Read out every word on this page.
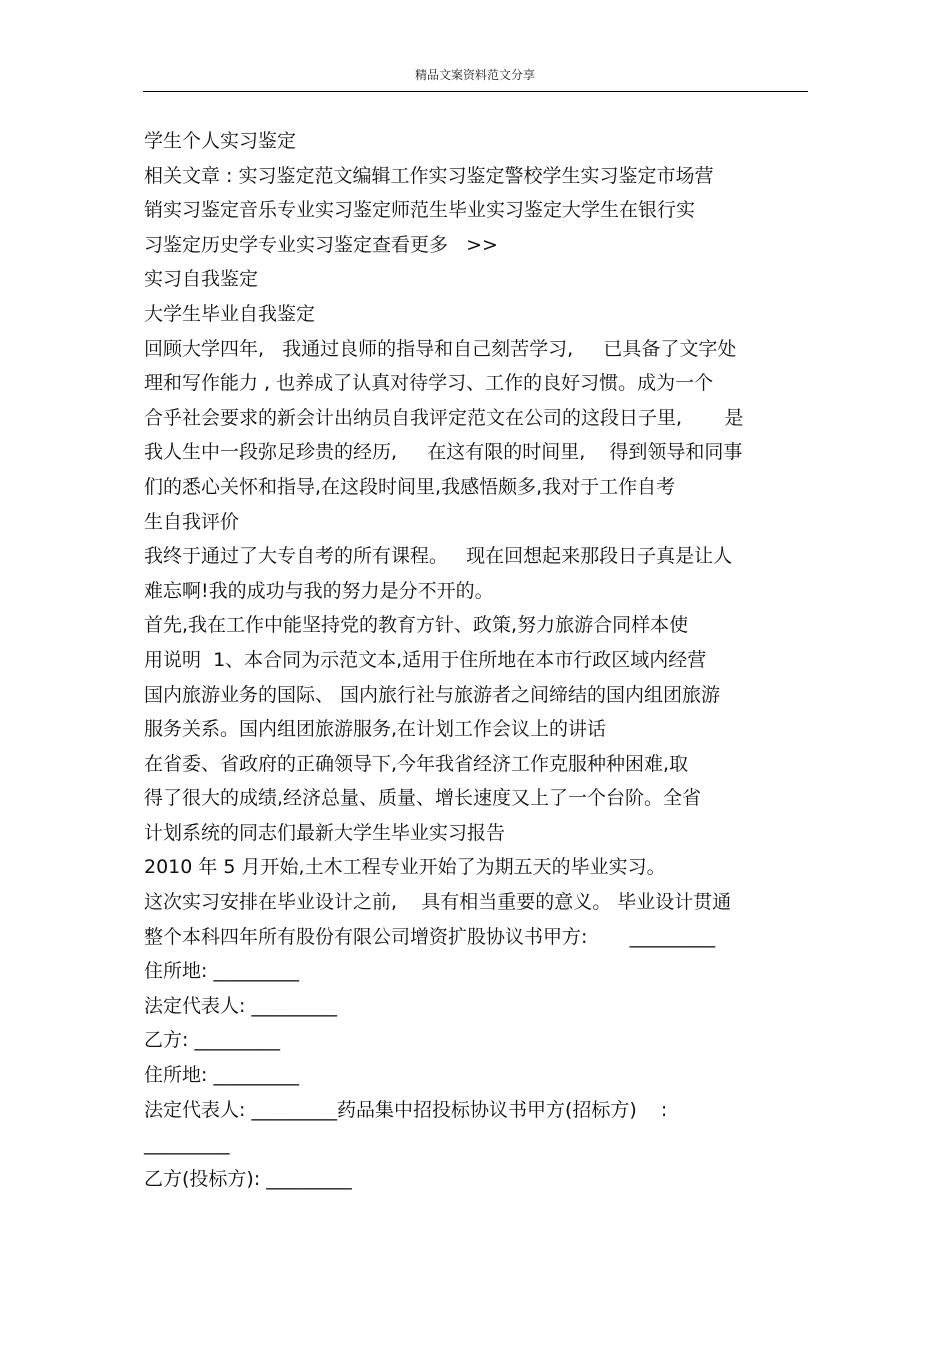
精品文案资料范文分享
学生个人实习鉴定
相关文章 : 实习鉴定范文编辑工作实习鉴定警校学生实习鉴定市场营
销实习鉴定音乐专业实习鉴定师范生毕业实习鉴定大学生在银行实
习鉴定历史学专业实习鉴定查看更多   >>
实习自我鉴定
大学生毕业自我鉴定
回顾大学四年,   我通过良师的指导和自己刻苦学习,     已具备了文字处
理和写作能力 , 也养成了认真对待学习、工作的良好习惯。成为一个
合乎社会要求的新会计出纳员自我评定范文在公司的这段日子里,       是
我人生中一段弥足珍贵的经历,     在这有限的时间里,    得到领导和同事
们的悉心关怀和指导,在这段时间里,我感悟颇多,我对于工作自考
生自我评价
我终于通过了大专自考的所有课程。   现在回想起来那段日子真是让人
难忘啊!我的成功与我的努力是分不开的。
首先,我在工作中能坚持党的教育方针、政策,努力旅游合同样本使
用说明  1、本合同为示范文本,适用于住所地在本市行政区域内经营
国内旅游业务的国际、 国内旅行社与旅游者之间缔结的国内组团旅游
服务关系。国内组团旅游服务,在计划工作会议上的讲话
在省委、省政府的正确领导下,今年我省经济工作克服种种困难,取
得了很大的成绩,经济总量、质量、增长速度又上了一个台阶。全省
计划系统的同志们最新大学生毕业实习报告
2010 年 5 月开始,土木工程专业开始了为期五天的毕业实习。
这次实习安排在毕业设计之前,    具有相当重要的意义。 毕业设计贯通
整个本科四年所有股份有限公司增资扩股协议书甲方:       _________
住所地: _________
法定代表人: _________
乙方: _________
住所地: _________
法定代表人: _________药品集中招投标协议书甲方(招标方)    :
_________
乙方(投标方): _________
